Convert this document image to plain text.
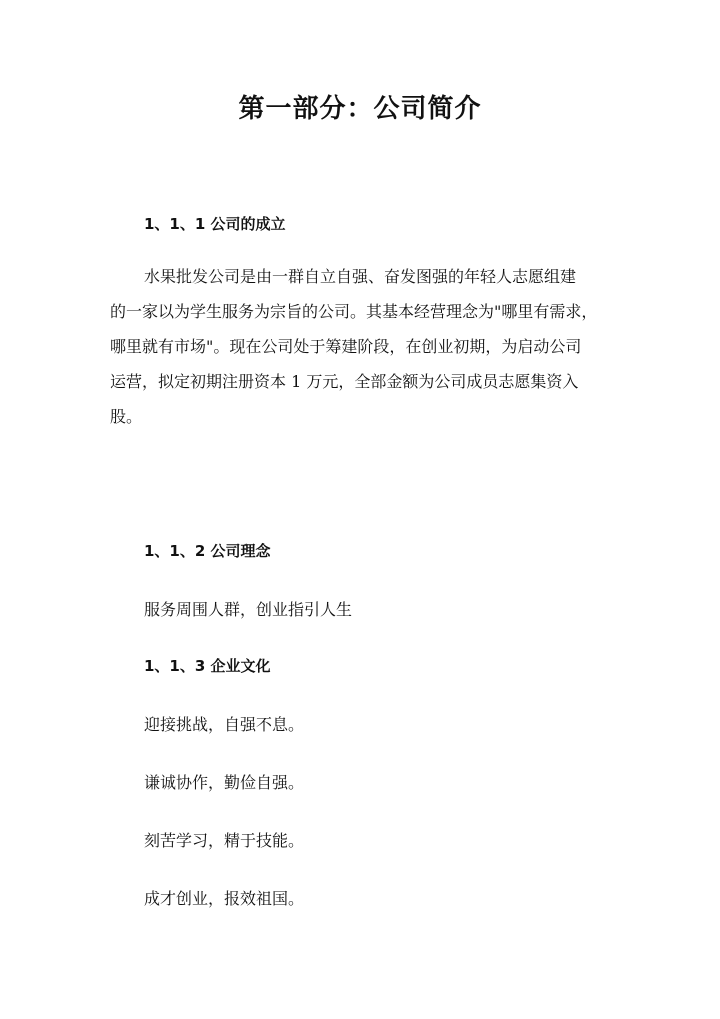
第一部分：公司简介
1、1、1 公司的成立
水果批发公司是由一群自立自强、奋发图强的年轻人志愿组建
的一家以为学生服务为宗旨的公司。其基本经营理念为"哪里有需求，
哪里就有市场"。现在公司处于筹建阶段，在创业初期，为启动公司
运营，拟定初期注册资本 1 万元，全部金额为公司成员志愿集资入
股。
1、1、2 公司理念
服务周围人群，创业指引人生
1、1、3 企业文化
迎接挑战，自强不息。
谦诚协作，勤俭自强。
刻苦学习，精于技能。
成才创业，报效祖国。
